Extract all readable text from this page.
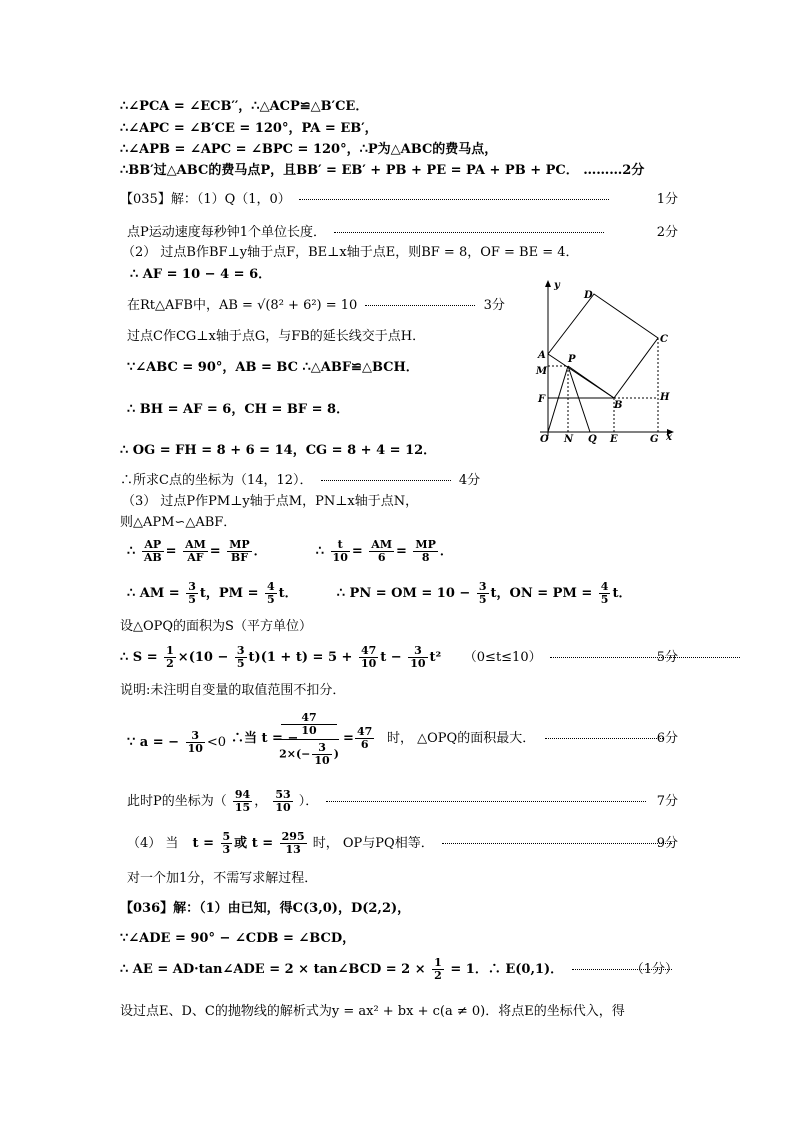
∴∠PCA = ∠ECB′′，∴△ACP≌△B′CE．
∴∠APC = ∠B′CE = 120°，PA = EB′，
∴∠APB = ∠APC = ∠BPC = 120°，∴P为△ABC的费马点，
∴BB′过△ABC的费马点P，且BB′ = EB′ + PB + PE = PA + PB + PC． ………2分
【035】解：（1）Q（1，0）	1分
点P运动速度每秒钟1个单位长度．	2分
（2） 过点B作BF⊥y轴于点F，BE⊥x轴于点E，则BF = 8，OF = BE = 4．
∴ AF = 10 − 4 = 6．
在Rt△AFB中，AB = √(8² + 6²) = 10	3分
过点C作CG⊥x轴于点G，与FB的延长线交于点H．
∵∠ABC = 90°，AB = BC ∴△ABF≌△BCH．
∴ BH = AF = 6，CH = BF = 8．
∴ OG = FH = 8 + 6 = 14，CG = 8 + 4 = 12．
∴所求C点的坐标为（14，12）．	4分
（3） 过点P作PM⊥y轴于点M，PN⊥x轴于点N，
则△APM∽△ABF．
∴ $\frac{AP}{AB} = \frac{AM}{AF} = \frac{MP}{BF}$ ．	∴ $\frac{t}{10} = \frac{AM}{6} = \frac{MP}{8}$ ．
∴ AM = $\frac{3}{5}$ t，PM = $\frac{4}{5}$ t．	∴ PN = OM = $10 - \frac{3}{5}$ t，ON = PM = $\frac{4}{5}$ t．
设△OPQ的面积为S（平方单位）
∴ $S = \frac{1}{2} \times(10 - \frac{3}{5} t)(1 + t) = 5 + \frac{47}{10}$ $t - \frac{3}{10} t^2$ （0≤t≤10）	5分
说明:未注明自变量的取值范围不扣分．
∵ a = − $\frac{3}{10} <0$ ∴当 t = −
47
10
$2\times(- \frac{3}{10}$ )
= $\frac{47}{6}$ 时， △OPQ的面积最大．	6分
此时P的坐标为（ $\frac{94}{15}$ ， $\frac{53}{10}$ ）．	7分
（4） 当 $t = \frac{5}{3}$ 或 $t = \frac{295}{13}$ 时， OP与PQ相等．	9分
对一个加1分，不需写求解过程．
【036】解：（1）由已知，得C(3,0)，D(2,2)，
∵∠ADE = 90° − ∠CDB = ∠BCD，
∴ AE = AD·tan∠ADE = 2 × tan∠BCD = $2 \times \frac{1}{2} = 1$．∴ E(0,1)．	（1分）
设过点E、D、C的抛物线的解析式为y = ax² + bx + c(a ≠ 0)．将点E的坐标代入，得
y
D
C
A P
M
F
B
H
O N Q E	G x
